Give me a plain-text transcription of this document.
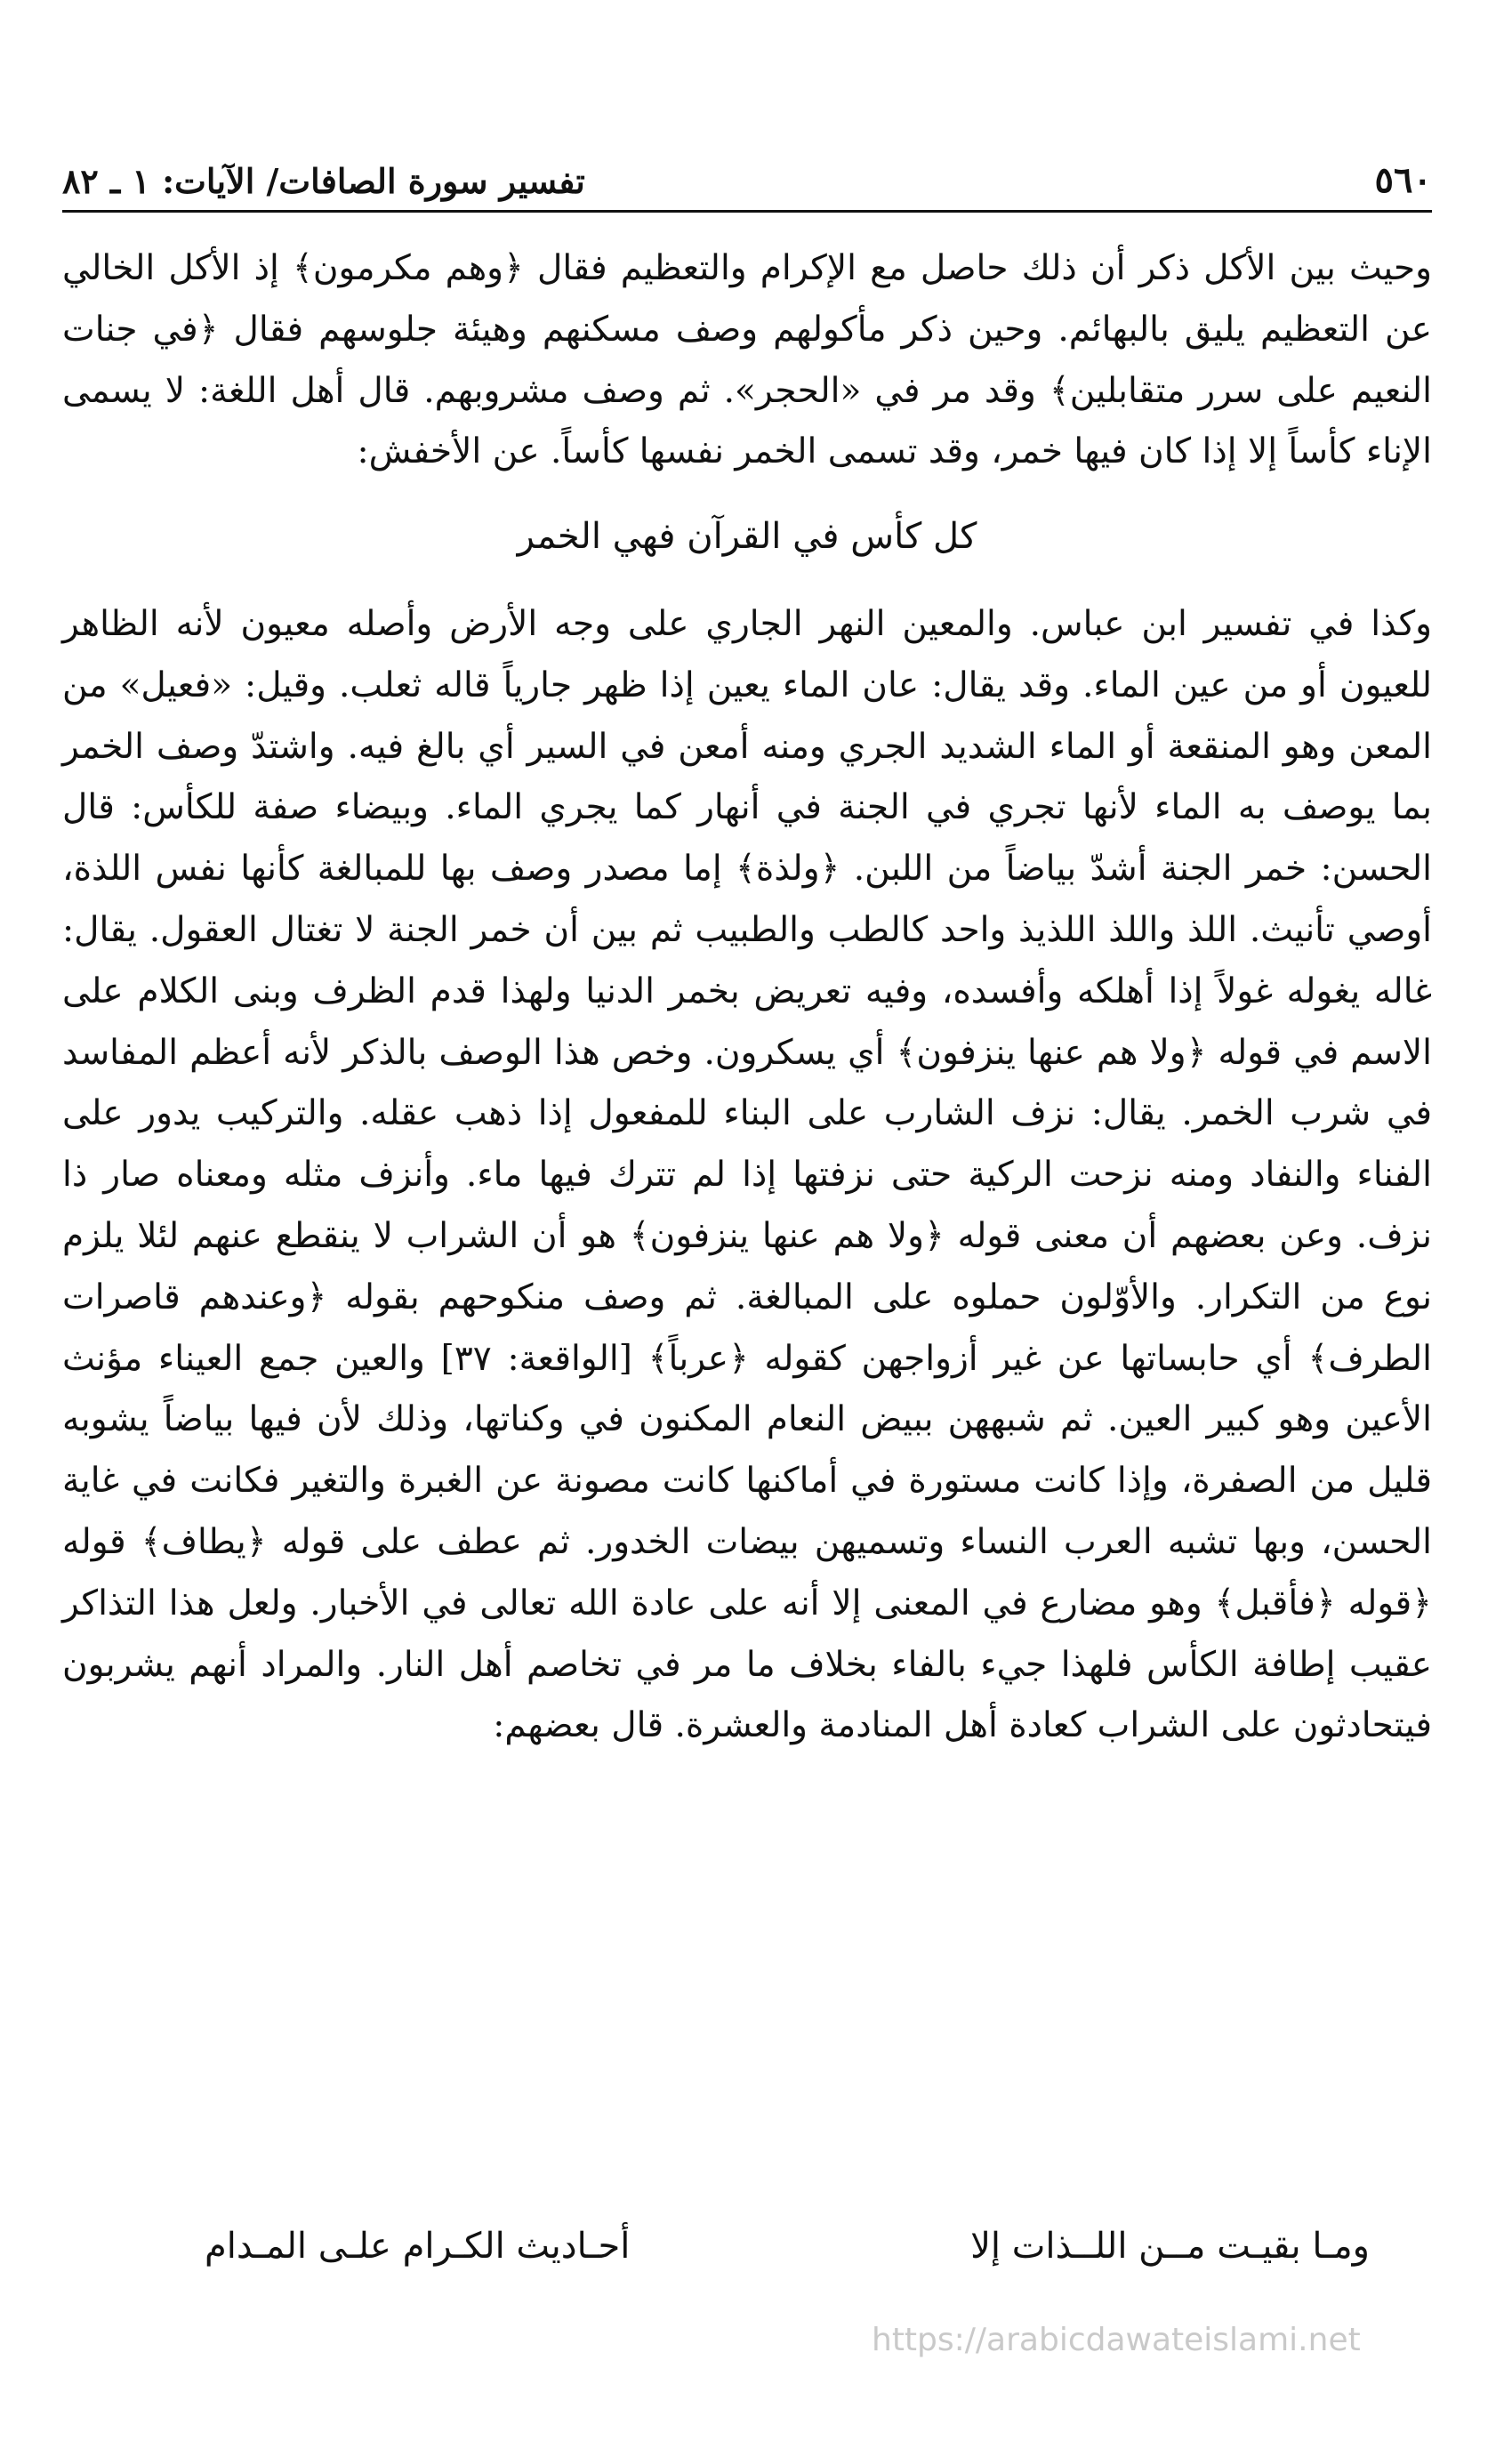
٥٦٠
تفسير سورة الصافات/ الآيات: ١ ـ ٨٢

وحيث بين الأكل ذكر أن ذلك حاصل مع الإكرام والتعظيم فقال ﴿وهم مكرمون﴾ إذ الأكل الخالي عن التعظيم يليق بالبهائم. وحين ذكر مأكولهم وصف مسكنهم وهيئة جلوسهم فقال ﴿في جنات النعيم على سرر متقابلين﴾ وقد مر في «الحجر». ثم وصف مشروبهم. قال أهل اللغة: لا يسمى الإناء كأساً إلا إذا كان فيها خمر، وقد تسمى الخمر نفسها كأساً. عن الأخفش:

كل كأس في القرآن فهي الخمر

وكذا في تفسير ابن عباس. والمعين النهر الجاري على وجه الأرض وأصله معيون لأنه الظاهر للعيون أو من عين الماء. وقد يقال: عان الماء يعين إذا ظهر جارياً قاله ثعلب. وقيل: «فعيل» من المعن وهو المنقعة أو الماء الشديد الجري ومنه أمعن في السير أي بالغ فيه. واشتدّ وصف الخمر بما يوصف به الماء لأنها تجري في الجنة في أنهار كما يجري الماء. وبيضاء صفة للكأس: قال الحسن: خمر الجنة أشدّ بياضاً من اللبن. ﴿ولذة﴾ إما مصدر وصف بها للمبالغة كأنها نفس اللذة، أوصي تأنيث. اللذ واللذ اللذيذ واحد كالطب والطبيب ثم بين أن خمر الجنة لا تغتال العقول. يقال: غاله يغوله غولاً إذا أهلكه وأفسده، وفيه تعريض بخمر الدنيا ولهذا قدم الظرف وبنى الكلام على الاسم في قوله ﴿ولا هم عنها ينزفون﴾ أي يسكرون. وخص هذا الوصف بالذكر لأنه أعظم المفاسد في شرب الخمر. يقال: نزف الشارب على البناء للمفعول إذا ذهب عقله. والتركيب يدور على الفناء والنفاد ومنه نزحت الركية حتى نزفتها إذا لم تترك فيها ماء. وأنزف مثله ومعناه صار ذا نزف. وعن بعضهم أن معنى قوله ﴿ولا هم عنها ينزفون﴾ هو أن الشراب لا ينقطع عنهم لئلا يلزم نوع من التكرار. والأوّلون حملوه على المبالغة. ثم وصف منكوحهم بقوله ﴿وعندهم قاصرات الطرف﴾ أي حابساتها عن غير أزواجهن كقوله ﴿عرباً﴾ [الواقعة: ٣٧] والعين جمع العيناء مؤنث الأعين وهو كبير العين. ثم شبههن ببيض النعام المكنون في وكناتها، وذلك لأن فيها بياضاً يشوبه قليل من الصفرة، وإذا كانت مستورة في أماكنها كانت مصونة عن الغبرة والتغير فكانت في غاية الحسن، وبها تشبه العرب النساء وتسميهن بيضات الخدور. ثم عطف على قوله ﴿يطاف﴾ قوله ﴿قوله ﴿فأقبل﴾ وهو مضارع في المعنى إلا أنه على عادة الله تعالى في الأخبار. ولعل هذا التذاكر عقيب إطافة الكأس فلهذا جيء بالفاء بخلاف ما مر في تخاصم أهل النار. والمراد أنهم يشربون فيتحادثون على الشراب كعادة أهل المنادمة والعشرة. قال بعضهم:

ومـا بقيـت مــن اللــذات إلا
أحـاديث الكـرام علـى المـدام
https://arabicdawateislami.net
